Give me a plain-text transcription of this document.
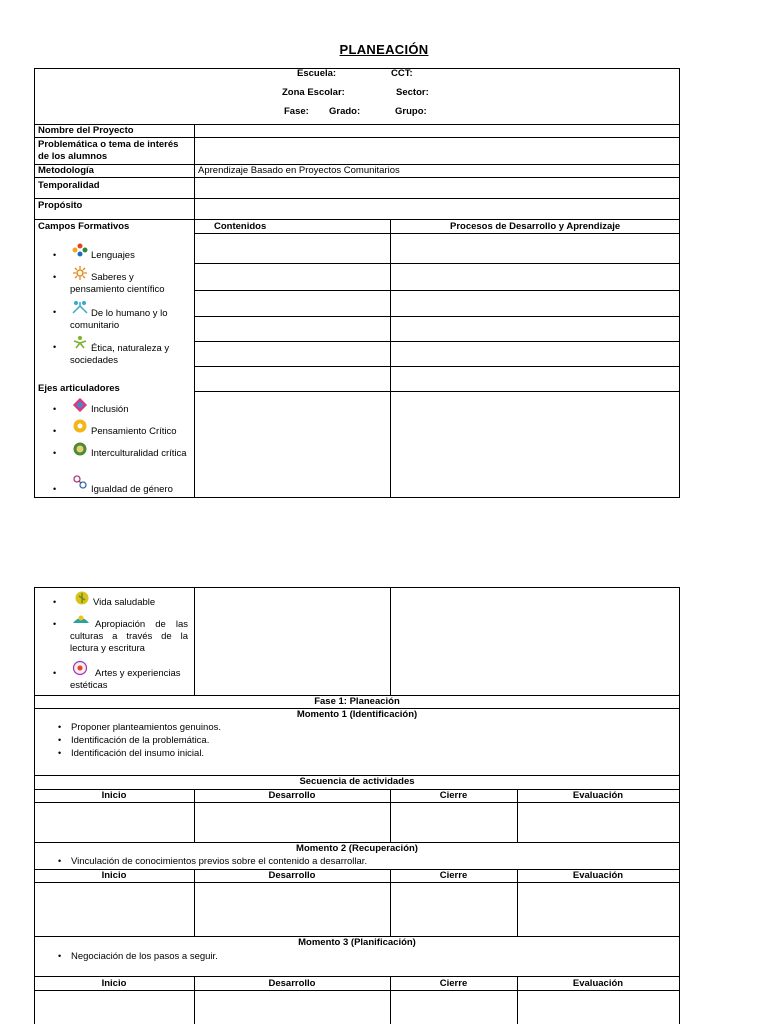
PLANEACIÓN
Escuela:	CCT:
Zona Escolar:	Sector:
Fase: Grado:	Grupo:
Nombre del Proyecto
Problemática o tema de interés de los alumnos
Metodología	Aprendizaje Basado en Proyectos Comunitarios
Temporalidad
Propósito
Campos Formativos	Contenidos	Procesos de Desarrollo y Aprendizaje
•	Lenguajes
•	Saberes y pensamiento científico
•	De lo humano y lo comunitario
•	Ética, naturaleza y sociedades
Ejes articuladores
•	Inclusión
•	Pensamiento Crítico
•	Interculturalidad crítica
•	Igualdad de género
•	Vida saludable
•	Apropiación de las culturas a través de la lectura y escritura
•	Artes y experiencias estéticas
Fase 1: Planeación
Momento 1 (Identificación)
• Proponer planteamientos genuinos.
• Identificación de la problemática.
• Identificación del insumo inicial.
Secuencia de actividades
Inicio	Desarrollo	Cierre	Evaluación
Momento 2 (Recuperación)
• Vinculación de conocimientos previos sobre el contenido a desarrollar.
Inicio	Desarrollo	Cierre	Evaluación
Momento 3 (Planificación)
• Negociación de los pasos a seguir.
Inicio	Desarrollo	Cierre	Evaluación
